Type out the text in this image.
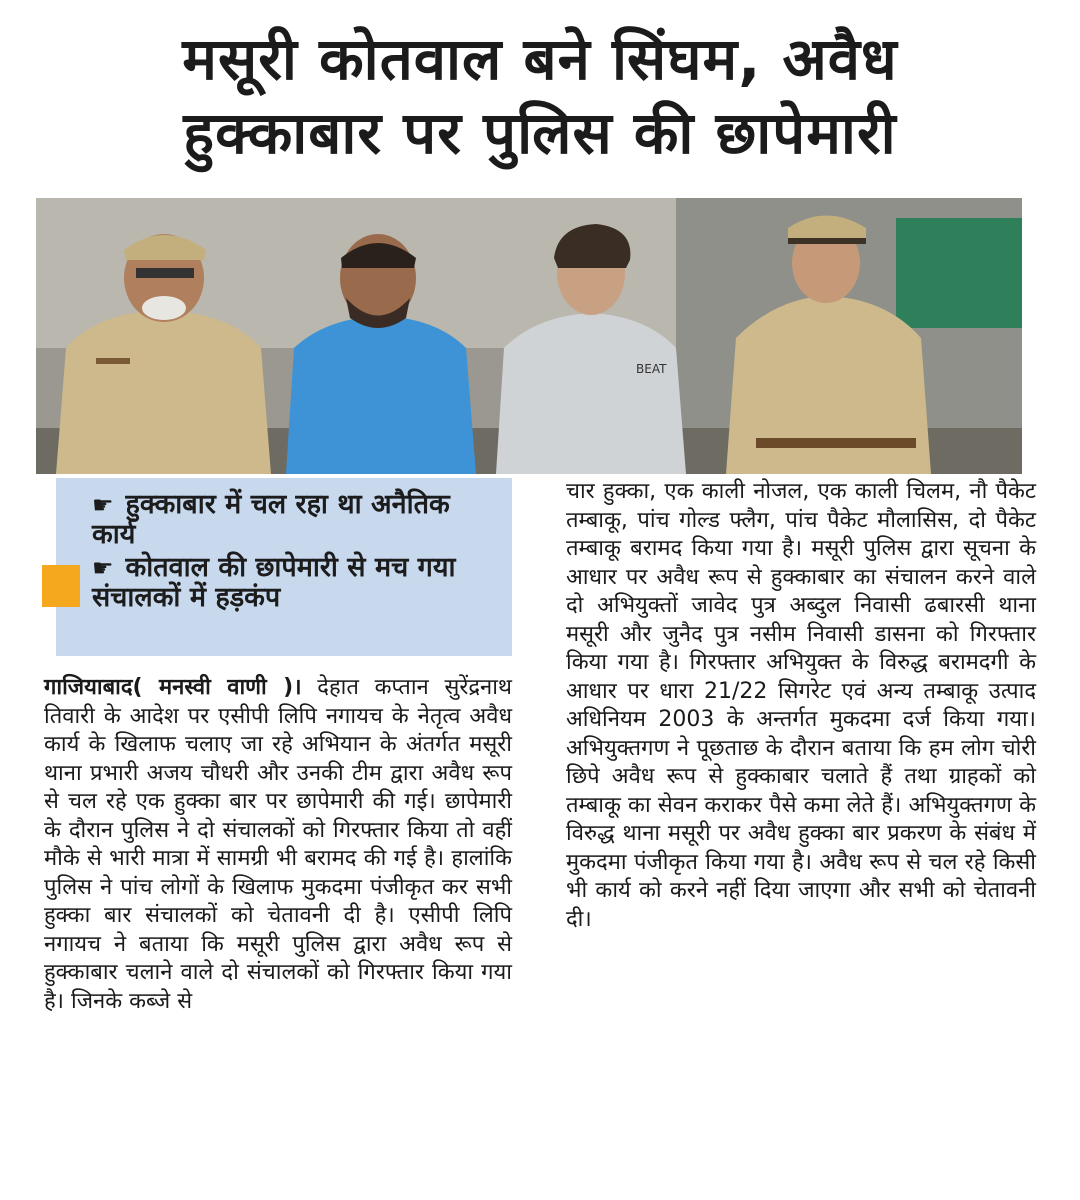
मसूरी कोतवाल बने सिंघम, अवैध
हुक्काबार पर पुलिस की छापेमारी
BEAT
☛ हुक्काबार में चल रहा था अनैतिक कार्य
☛ कोतवाल की छापेमारी से मच गया संचालकों में हड़कंप
गाजियाबाद( मनस्वी वाणी )। देहात कप्तान सुरेंद्रनाथ तिवारी के आदेश पर एसीपी लिपि नगायच के नेतृत्व अवैध कार्य के खिलाफ चलाए जा रहे अभियान के अंतर्गत मसूरी थाना प्रभारी अजय चौधरी और उनकी टीम द्वारा अवैध रूप से चल रहे एक हुक्का बार पर छापेमारी की गई। छापेमारी के दौरान पुलिस ने दो संचालकों को गिरफ्तार किया तो वहीं मौके से भारी मात्रा में सामग्री भी बरामद की गई है। हालांकि पुलिस ने पांच लोगों के खिलाफ मुकदमा पंजीकृत कर सभी हुक्का बार संचालकों को चेतावनी दी है। एसीपी लिपि नगायच ने बताया कि मसूरी पुलिस द्वारा अवैध रूप से हुक्काबार चलाने वाले दो संचालकों को गिरफ्तार किया गया है। जिनके कब्जे से
चार हुक्का, एक काली नोजल, एक काली चिलम, नौ पैकेट तम्बाकू, पांच गोल्ड फ्लैग, पांच पैकेट मौलासिस, दो पैकेट तम्बाकू बरामद किया गया है। मसूरी पुलिस द्वारा सूचना के आधार पर अवैध रूप से हुक्काबार का संचालन करने वाले दो अभियुक्तों जावेद पुत्र अब्दुल निवासी ढबारसी थाना मसूरी और जुनैद पुत्र नसीम निवासी डासना को गिरफ्तार किया गया है। गिरफ्तार अभियुक्त के विरुद्ध बरामदगी के आधार पर धारा 21/22 सिगरेट एवं अन्य तम्बाकू उत्पाद अधिनियम 2003 के अन्तर्गत मुकदमा दर्ज किया गया। अभियुक्तगण ने पूछताछ के दौरान बताया कि हम लोग चोरी छिपे अवैध रूप से हुक्काबार चलाते हैं तथा ग्राहकों को तम्बाकू का सेवन कराकर पैसे कमा लेते हैं। अभियुक्तगण के विरुद्ध थाना मसूरी पर अवैध हुक्का बार प्रकरण के संबंध में मुकदमा पंजीकृत किया गया है। अवैध रूप से चल रहे किसी भी कार्य को करने नहीं दिया जाएगा और सभी को चेतावनी दी।
